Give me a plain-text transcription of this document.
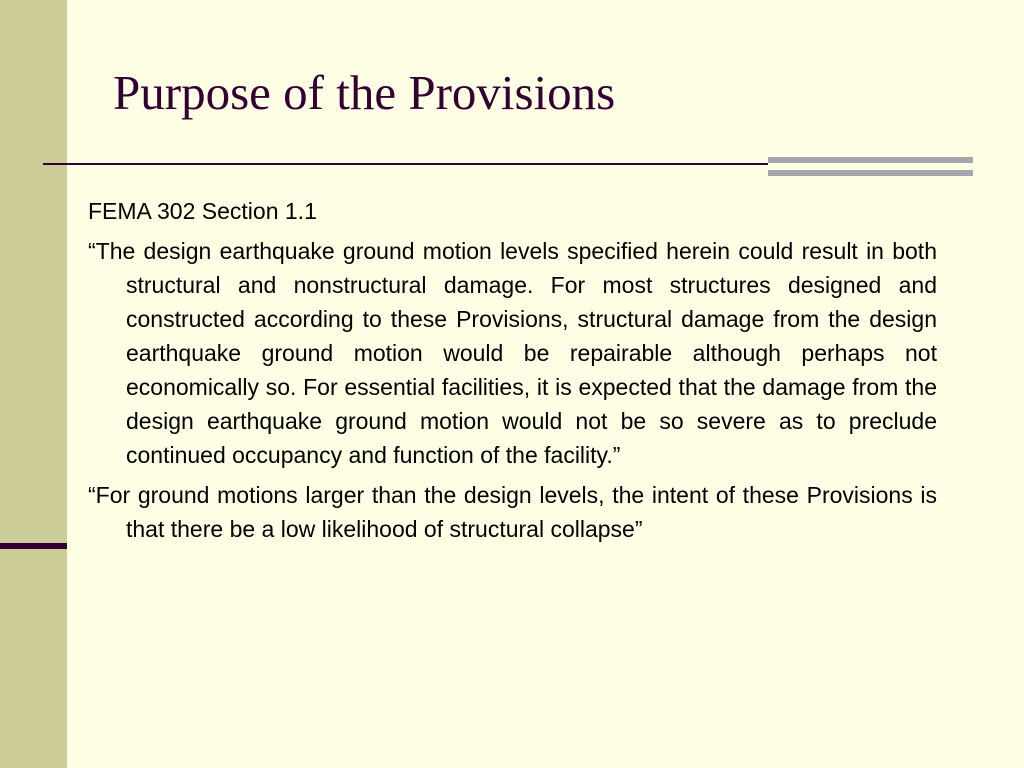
Purpose of the Provisions

FEMA 302 Section 1.1

“The design earthquake ground motion levels specified herein could result in both structural and nonstructural damage. For most structures designed and constructed according to these Provisions, structural damage from the design earthquake ground motion would be repairable although perhaps not economically so. For essential facilities, it is expected that the damage from the design earthquake ground motion would not be so severe as to preclude continued occupancy and function of the facility.”

“For ground motions larger than the design levels, the intent of these Provisions is that there be a low likelihood of structural collapse”
